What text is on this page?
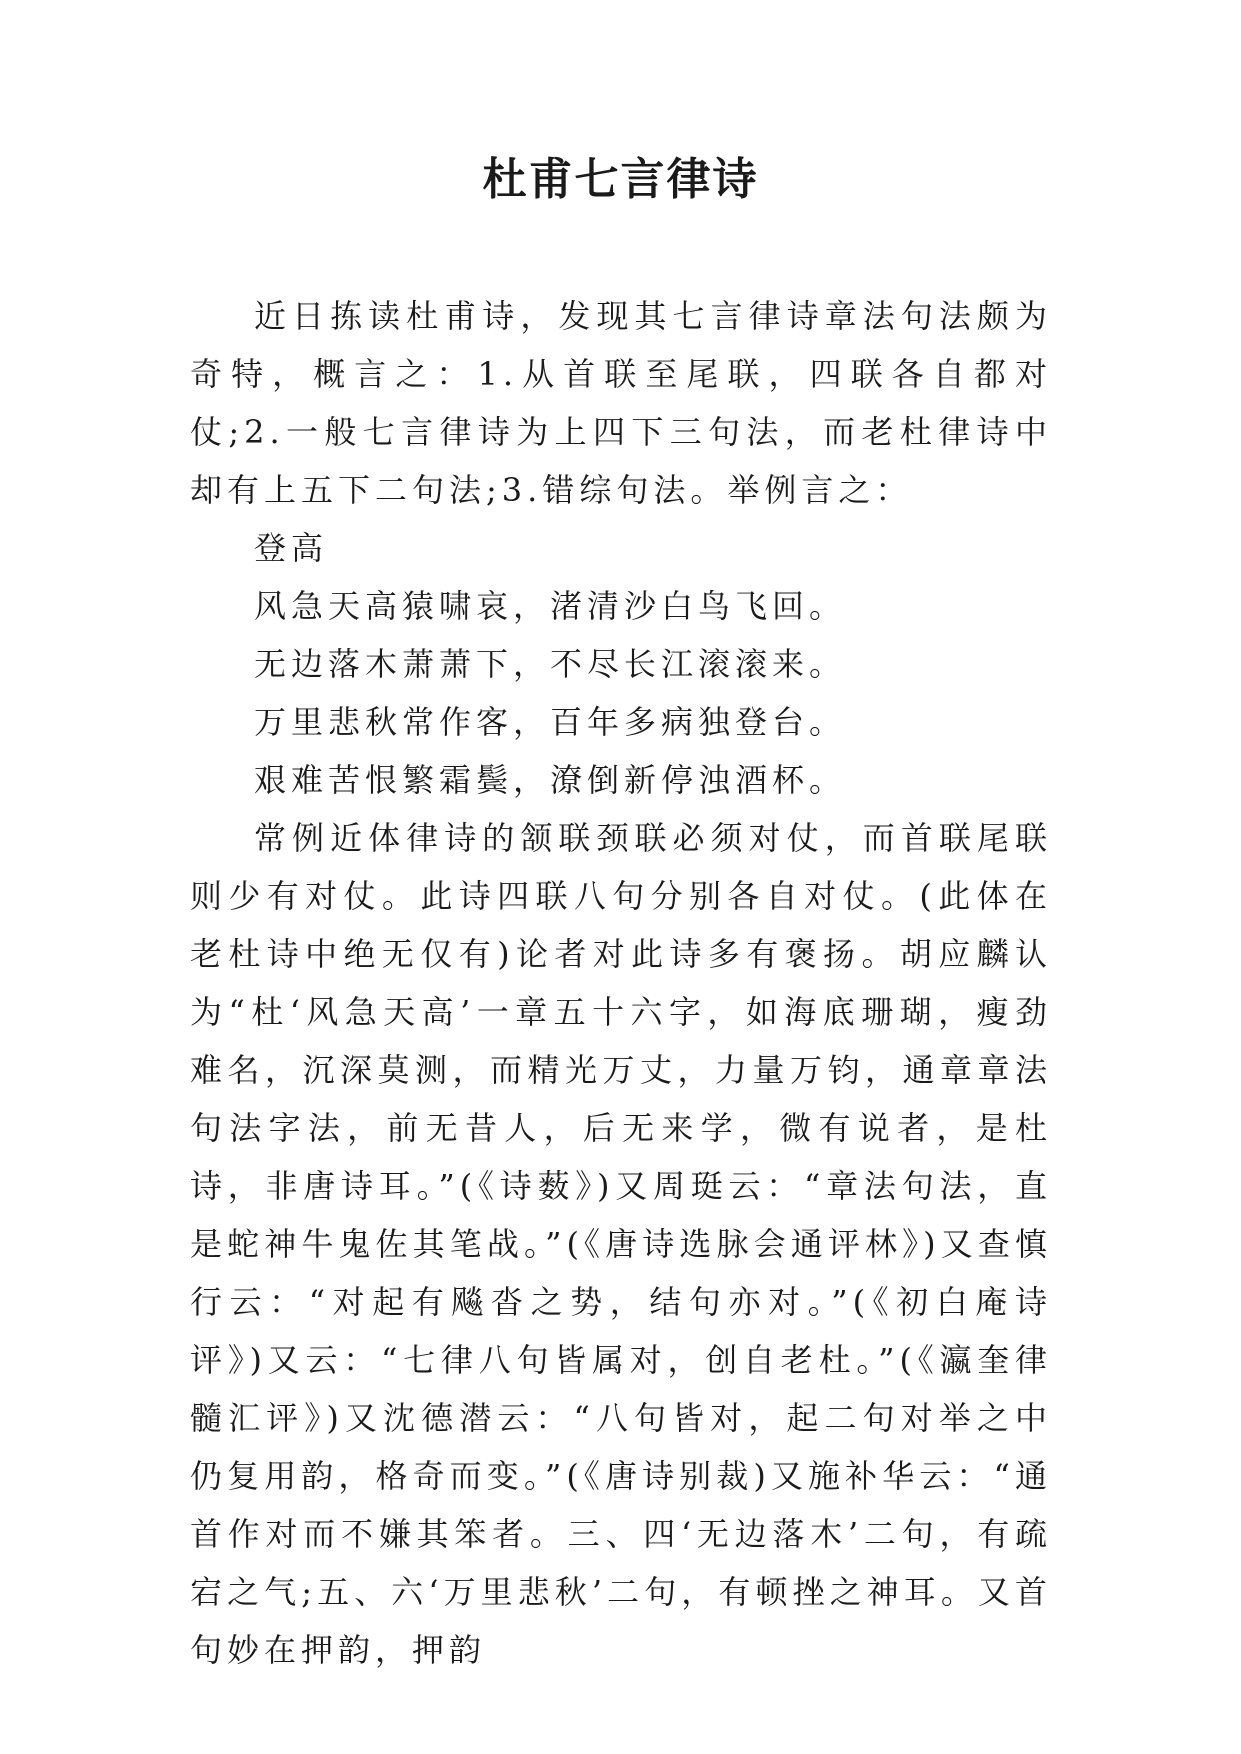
杜甫七言律诗

近日拣读杜甫诗，发现其七言律诗章法句法颇为奇特，概言之：1.从首联至尾联，四联各自都对仗;2.一般七言律诗为上四下三句法，而老杜律诗中却有上五下二句法;3.错综句法。举例言之：

登高

风急天高猿啸哀，渚清沙白鸟飞回。

无边落木萧萧下，不尽长江滚滚来。

万里悲秋常作客，百年多病独登台。

艰难苦恨繁霜鬓，潦倒新停浊酒杯。

常例近体律诗的颔联颈联必须对仗，而首联尾联则少有对仗。此诗四联八句分别各自对仗。(此体在老杜诗中绝无仅有)论者对此诗多有褒扬。胡应麟认为“杜‘风急天高’一章五十六字，如海底珊瑚，瘦劲难名，沉深莫测，而精光万丈，力量万钧，通章章法句法字法，前无昔人，后无来学，微有说者，是杜诗，非唐诗耳。”(《诗薮》)又周珽云：“章法句法，直是蛇神牛鬼佐其笔战。”(《唐诗选脉会通评林》)又查慎行云：“对起有飚沓之势，结句亦对。”(《初白庵诗评》)又云：“七律八句皆属对，创自老杜。”(《瀛奎律髓汇评》)又沈德潜云：“八句皆对，起二句对举之中仍复用韵，格奇而变。”(《唐诗别裁)又施补华云：“通首作对而不嫌其笨者。三、四‘无边落木’二句，有疏宕之气;五、六‘万里悲秋’二句，有顿挫之神耳。又首句妙在押韵，押韵
